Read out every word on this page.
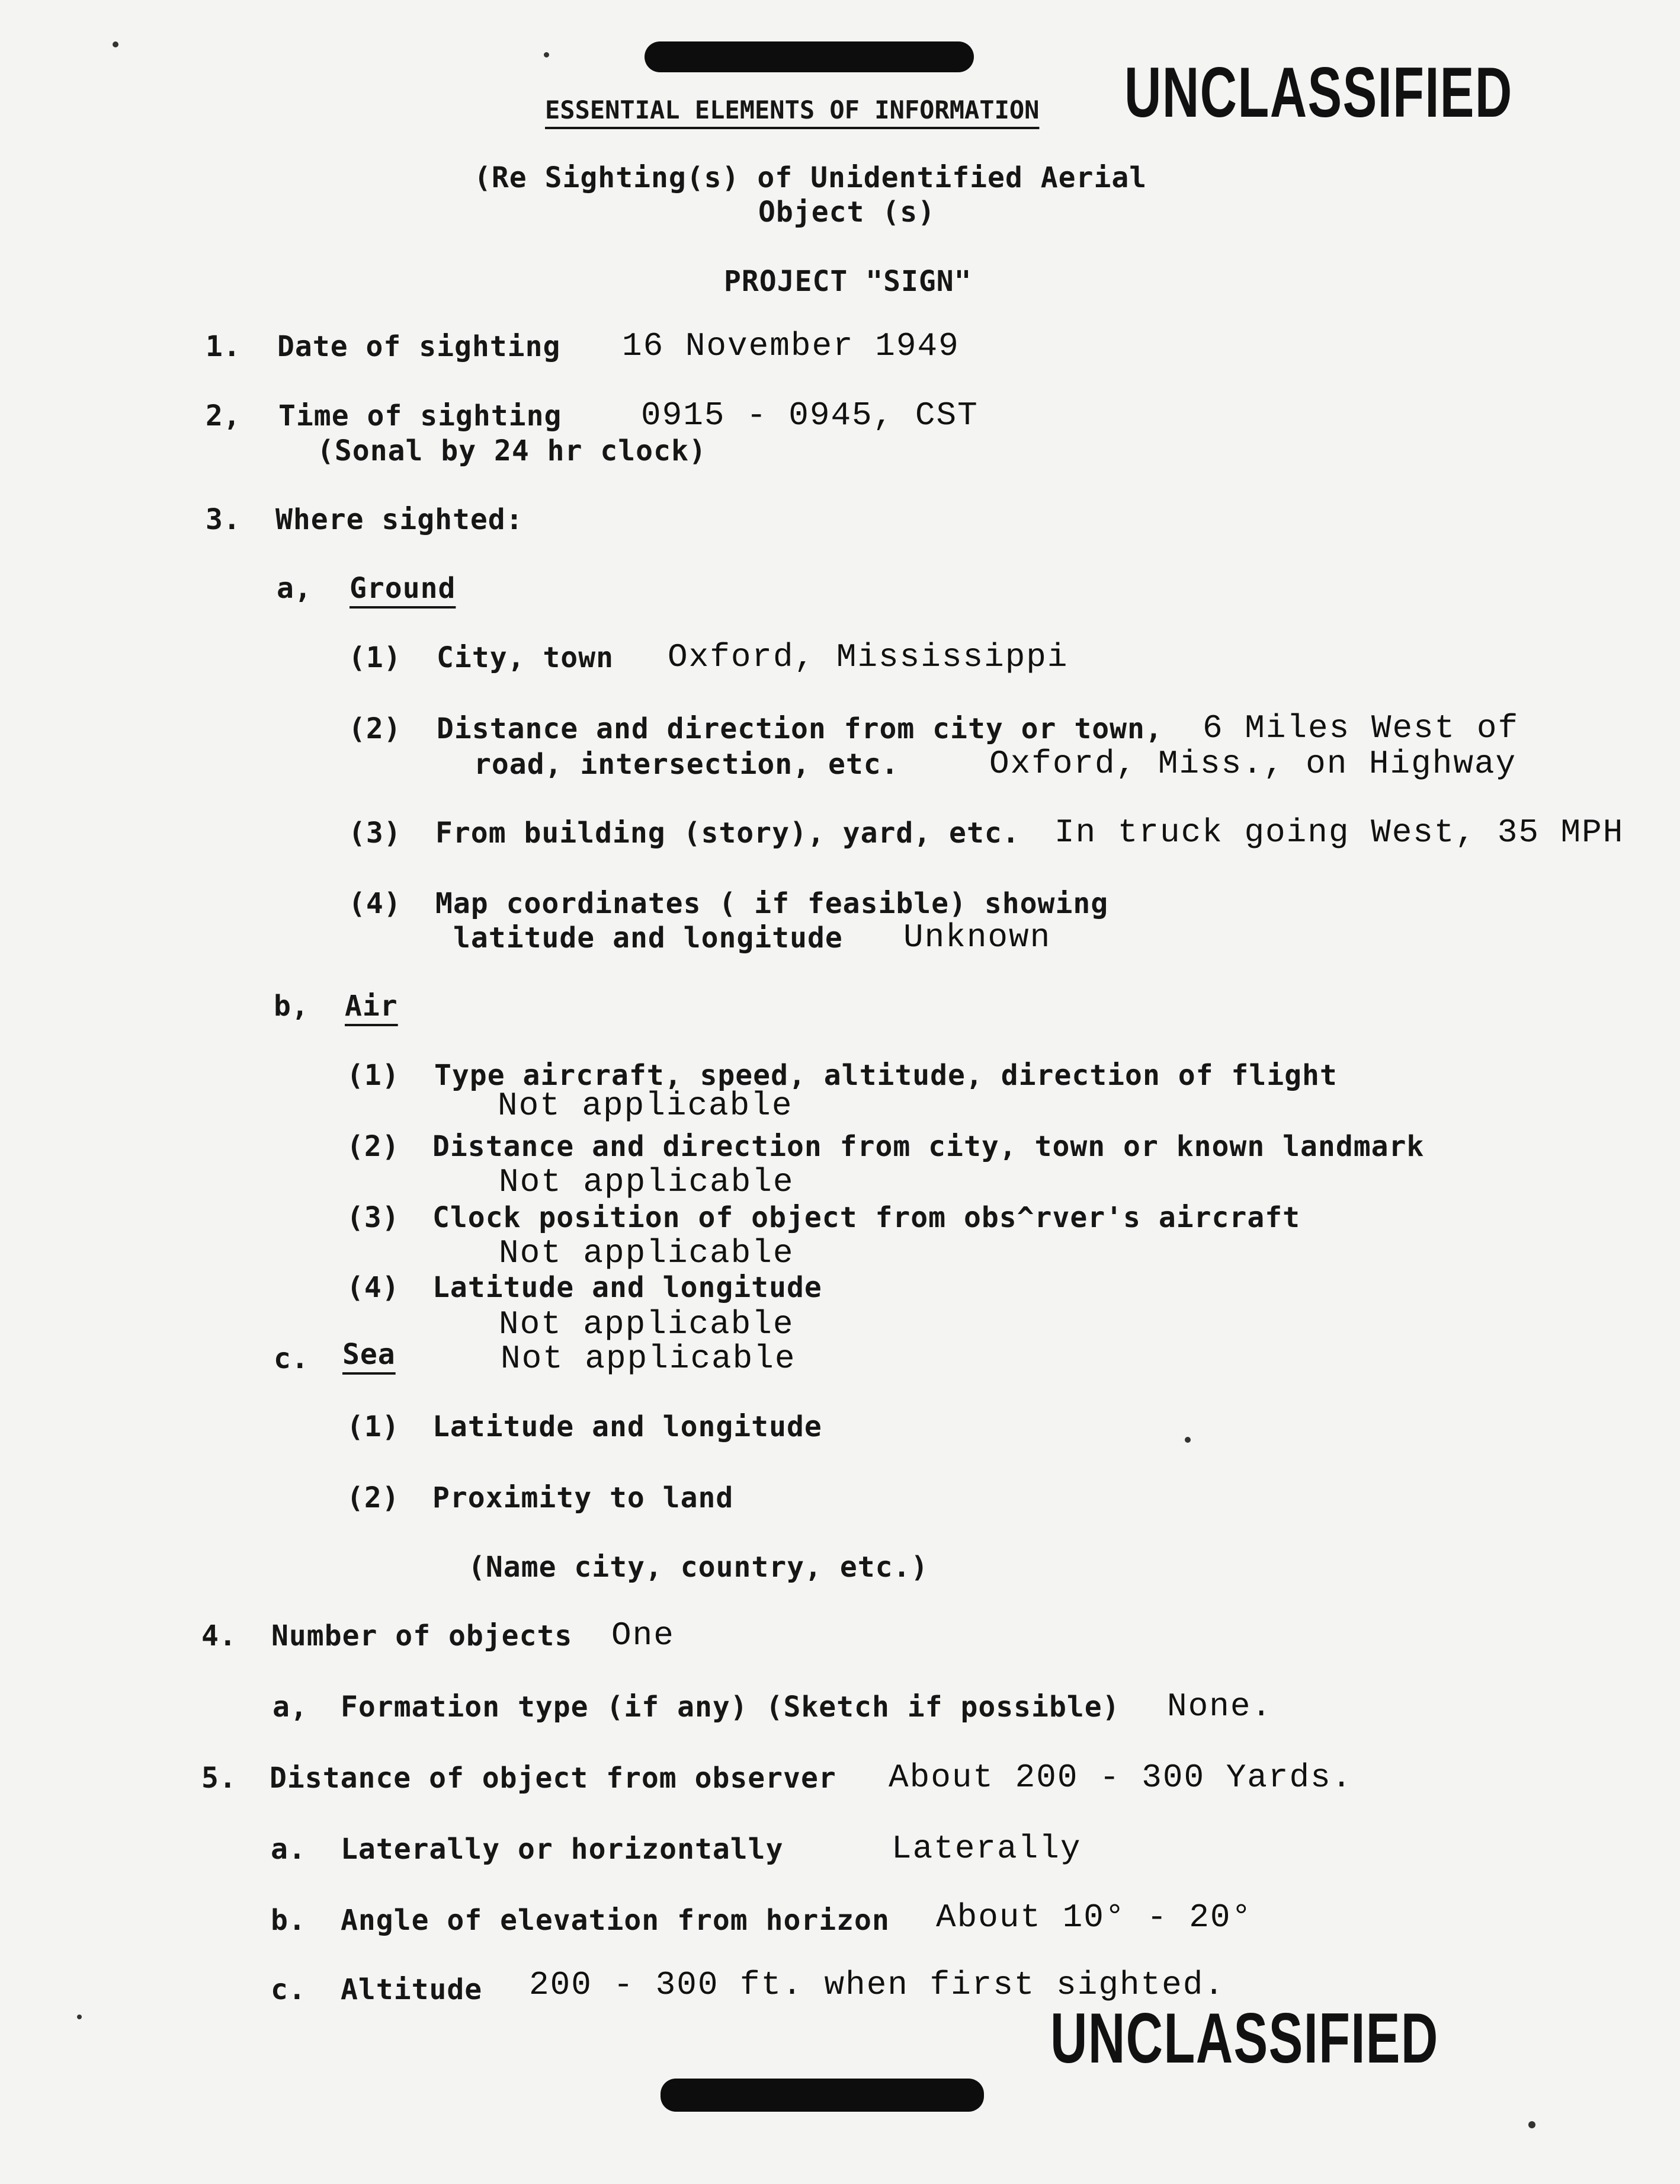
UNCLASSIFIED
UNCLASSIFIED
ESSENTIAL ELEMENTS OF INFORMATION
(Re Sighting(s) of Unidentified Aerial
Object (s)
PROJECT "SIGN"
1. Date of sighting 16 November 1949
2, Time of sighting 0915 - 0945, CST
(Sonal by 24 hr clock)
3. Where sighted:
a, Ground
(1) City, town Oxford, Mississippi
(2) Distance and direction from city or town, 6 Miles West of
road, intersection, etc.	Oxford, Miss., on Highway
(3) From building (story), yard, etc. In truck going West, 35 MPH
(4) Map coordinates ( if feasible) showing
latitude and longitude Unknown
b, Air
(1) Type aircraft, speed, altitude, direction of flight
Not applicable
(2) Distance and direction from city, town or known landmark
Not applicable
(3) Clock position of object from obs^rver's aircraft
Not applicable
(4) Latitude and longitude
Not applicable
c. Sea	Not applicable
(1) Latitude and longitude
(2) Proximity to land
(Name city, country, etc.)
4. Number of objects One
a, Formation type (if any) (Sketch if possible) None.
5. Distance of object from observer About 200 - 300 Yards.
a. Laterally or horizontally	Laterally
b. Angle of elevation from horizon About 10° - 20°
c. Altitude 200 - 300 ft. when first sighted.
